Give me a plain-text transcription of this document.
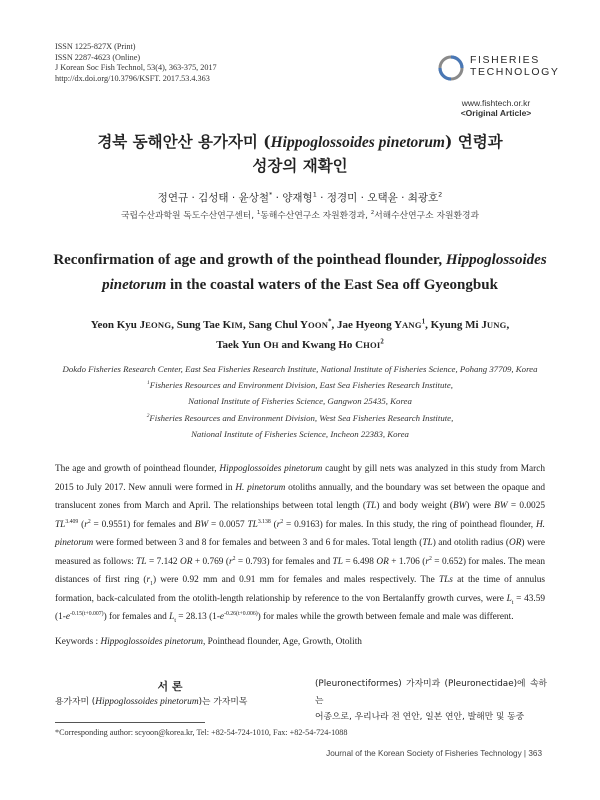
ISSN 1225-827X (Print)
ISSN 2287-4623 (Online)
J Korean Soc Fish Technol, 53(4), 363-375, 2017
http://dx.doi.org/10.3796/KSFT. 2017.53.4.363
FISHERIES
TECHNOLOGY
www.fishtech.or.kr
<Original Article>
경북 동해안산 용가자미 (Hippoglossoides pinetorum) 연령과
성장의 재확인
정연규 · 김성태 · 윤상철* · 양재형$^1$ · 정경미 · 오택윤 · 최광호$^2$
국립수산과학원 독도수산연구센터, $^1$동해수산연구소 자원환경과, $^2$서해수산연구소 자원환경과
Reconfirmation of age and growth of the pointhead flounder, Hippoglossoides pinetorum in the coastal waters of the East Sea off Gyeongbuk
Yeon Kyu JEONG, Sung Tae KIM, Sang Chul YOON*, Jae Hyeong YANG$^1$, Kyung Mi JUNG,
Taek Yun OH and Kwang Ho CHOI$^2$
Dokdo Fisheries Research Center, East Sea Fisheries Research Institute, National Institute of Fisheries Science, Pohang 37709, Korea
$^1$Fisheries Resources and Environment Division, East Sea Fisheries Research Institute,
National Institute of Fisheries Science, Gangwon 25435, Korea
$^2$Fisheries Resources and Environment Division, West Sea Fisheries Research Institute,
National Institute of Fisheries Science, Incheon 22383, Korea
The age and growth of pointhead flounder, Hippoglossoides pinetorum caught by gill nets was analyzed in this study from March 2015 to July 2017. New annuli were formed in H. pinetorum otoliths annually, and the boundary was set between the opaque and translucent zones from March and April. The relationships between total length (TL) and body weight (BW) were BW = 0.0025 $TL^{3.409}$ $(r^2 = 0.9551)$ for females and BW = 0.0057 $TL^{3.138}$ $(r^2 = 0.9163)$ for males. In this study, the ring of pointhead flounder, H. pinetorum were formed between 3 and 8 for females and between 3 and 6 for males. Total length (TL) and otolith radius (OR) were measured as follows: TL = 7.142 OR + 0.769 $(r^2 = 0.793)$ for females and TL = 6.498 OR + 1.706 $(r^2 = 0.652)$ for males. The mean distances of first ring $(r_1)$ were 0.92 mm and 0.91 mm for females and males respectively. The TLs at the time of annulus formation, back-calculated from the otolith-length relationship by reference to the von Bertalanffy growth curves, were $L_t = 43.59$ $(1-e^{-0.15(t+0.007)})$ for females and $L_t = 28.13$ $(1-e^{-0.26(t+0.006)})$ for males while the growth between female and male was different.
Keywords : Hippoglossoides pinetorum, Pointhead flounder, Age, Growth, Otolith
서 론
용가자미 (Hippoglossoides pinetorum)는 가자미목
(Pleuronectiformes) 가자미과 (Pleuronectidae)에 속하는
어종으로, 우리나라 전 연안, 일본 연안, 발해만 및 동중
*Corresponding author: scyoon@korea.kr, Tel: +82-54-724-1010, Fax: +82-54-724-1088
Journal of the Korean Society of Fisheries Technology | 363
